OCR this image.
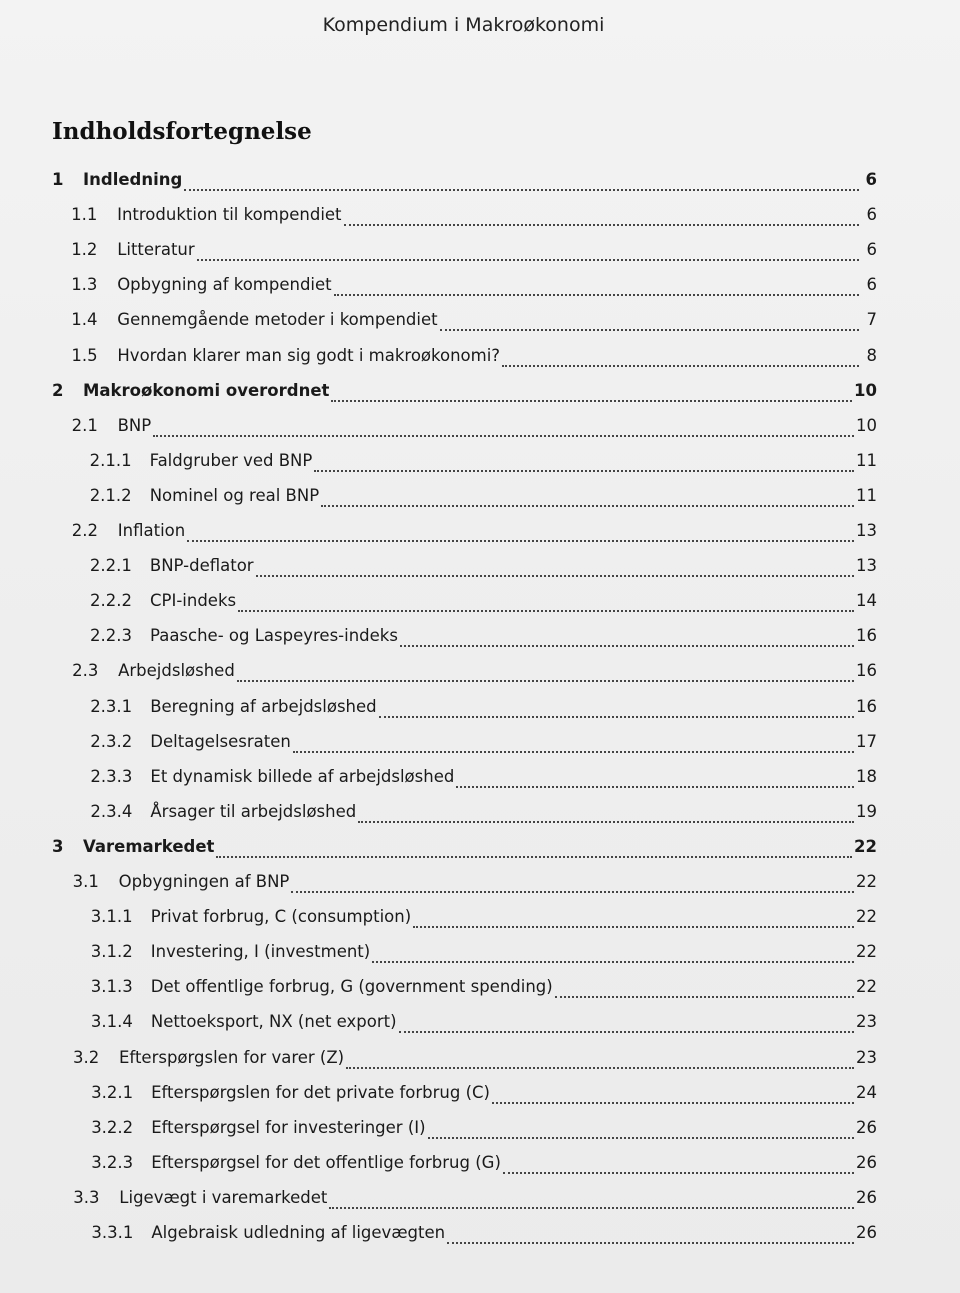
Kompendium i Makroøkonomi
Indholdsfortegnelse
1	Indledning	6
1.1	Introduktion til kompendiet	6
1.2	Litteratur	6
1.3	Opbygning af kompendiet	6
1.4	Gennemgående metoder i kompendiet	7
1.5	Hvordan klarer man sig godt i makroøkonomi?	8
2	Makroøkonomi overordnet	10
2.1	BNP	10
2.1.1	Faldgruber ved BNP	11
2.1.2	Nominel og real BNP	11
2.2	Inflation	13
2.2.1	BNP-deflator	13
2.2.2	CPI-indeks	14
2.2.3	Paasche- og Laspeyres-indeks	16
2.3	Arbejdsløshed	16
2.3.1	Beregning af arbejdsløshed	16
2.3.2	Deltagelsesraten	17
2.3.3	Et dynamisk billede af arbejdsløshed	18
2.3.4	Årsager til arbejdsløshed	19
3	Varemarkedet	22
3.1	Opbygningen af BNP	22
3.1.1	Privat forbrug, C (consumption)	22
3.1.2	Investering, I (investment)	22
3.1.3	Det offentlige forbrug, G (government spending)	22
3.1.4	Nettoeksport, NX (net export)	23
3.2	Efterspørgslen for varer (Z)	23
3.2.1	Efterspørgslen for det private forbrug (C)	24
3.2.2	Efterspørgsel for investeringer (I)	26
3.2.3	Efterspørgsel for det offentlige forbrug (G)	26
3.3	Ligevægt i varemarkedet	26
3.3.1	Algebraisk udledning af ligevægten	26
